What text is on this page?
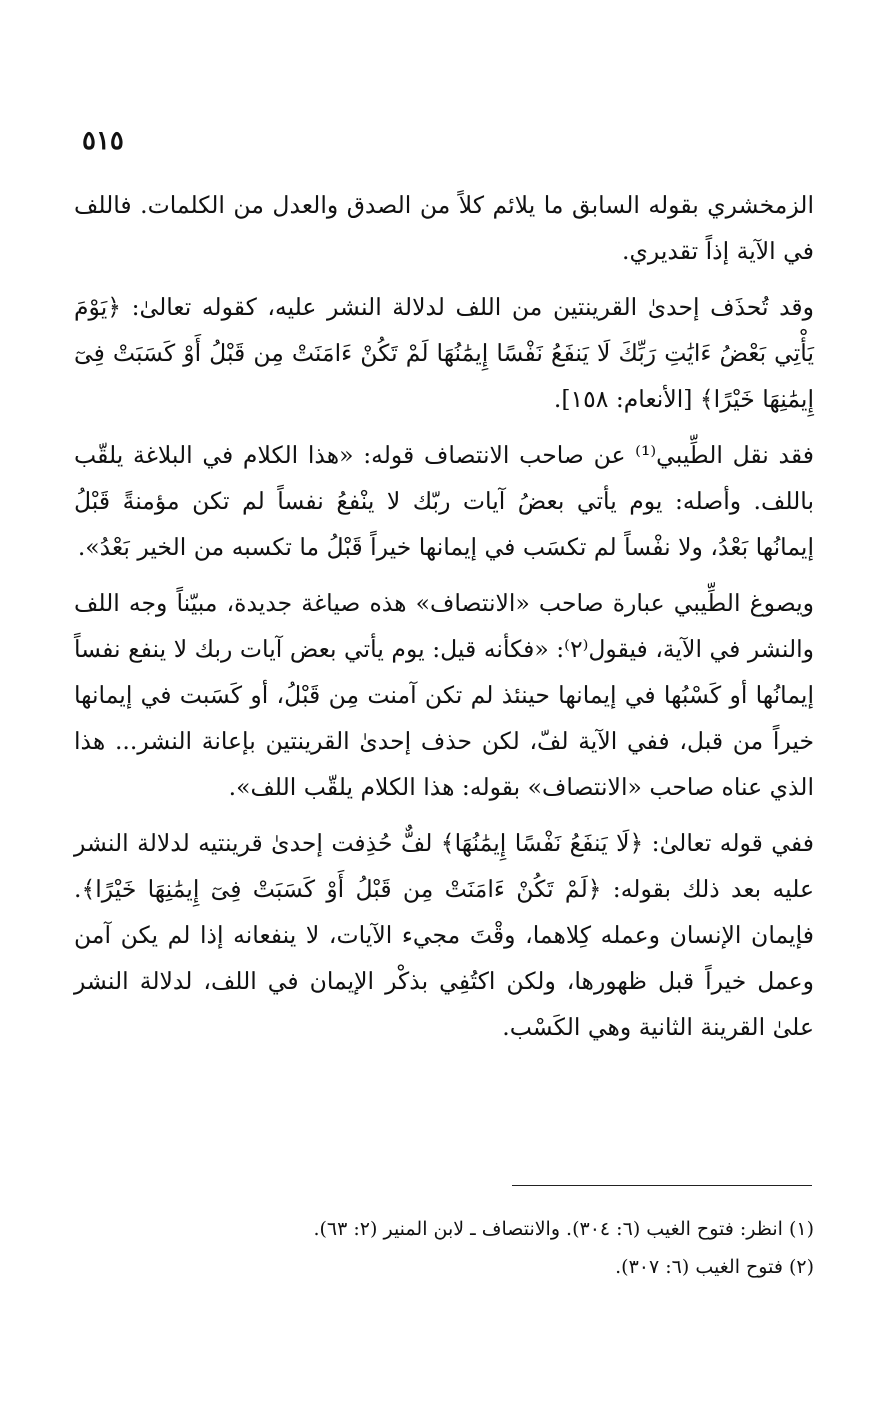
٥١٥

الزمخشري بقوله السابق ما يلائم كلاً من الصدق والعدل من الكلمات. فاللف في الآية إذاً تقديري.

وقد تُحذَف إحدىٰ القرينتين من اللف لدلالة النشر عليه، كقوله تعالىٰ: ﴿يَوْمَ يَأْتِي بَعْضُ ءَايَٰتِ رَبِّكَ لَا يَنفَعُ نَفْسًا إِيمَٰنُهَا لَمْ تَكُنْ ءَامَنَتْ مِن قَبْلُ أَوْ كَسَبَتْ فِىٓ إِيمَٰنِهَا خَيْرًا﴾ [الأنعام: ١٥٨].

فقد نقل الطِّيبي⁽¹⁾ عن صاحب الانتصاف قوله: «هذا الكلام في البلاغة يلقّب باللف. وأصله: يوم يأتي بعضُ آيات ربّك لا ينْفعُ نفساً لم تكن مؤمنةً قَبْلُ إيمانُها بَعْدُ، ولا نفْساً لم تكسَب في إيمانها خيراً قَبْلُ ما تكسبه من الخير بَعْدُ».

ويصوغ الطِّيبي عبارة صاحب «الانتصاف» هذه صياغة جديدة، مبيّناً وجه اللف والنشر في الآية، فيقول⁽٢⁾: «فكأنه قيل: يوم يأتي بعض آيات ربك لا ينفع نفساً إيمانُها أو كَسْبُها في إيمانها حينئذ لم تكن آمنت مِن قَبْلُ، أو كَسَبت في إيمانها خيراً من قبل، ففي الآية لفّ، لكن حذف إحدىٰ القرينتين بإعانة النشر... هذا الذي عناه صاحب «الانتصاف» بقوله: هذا الكلام يلقّب اللف».

ففي قوله تعالىٰ: ﴿لَا يَنفَعُ نَفْسًا إِيمَٰنُهَا﴾ لفٌّ حُذِفت إحدىٰ قرينتيه لدلالة النشر عليه بعد ذلك بقوله: ﴿لَمْ تَكُنْ ءَامَنَتْ مِن قَبْلُ أَوْ كَسَبَتْ فِىٓ إِيمَٰنِهَا خَيْرًا﴾. فإيمان الإنسان وعمله كِلاهما، وقْتَ مجيء الآيات، لا ينفعانه إذا لم يكن آمن وعمل خيراً قبل ظهورها، ولكن اكتُفِي بذكْر الإيمان في اللف، لدلالة النشر علىٰ القرينة الثانية وهي الكَسْب.

(١) انظر: فتوح الغيب (٦: ٣٠٤). والانتصاف ـ لابن المنير (٢: ٦٣).

(٢) فتوح الغيب (٦: ٣٠٧).
